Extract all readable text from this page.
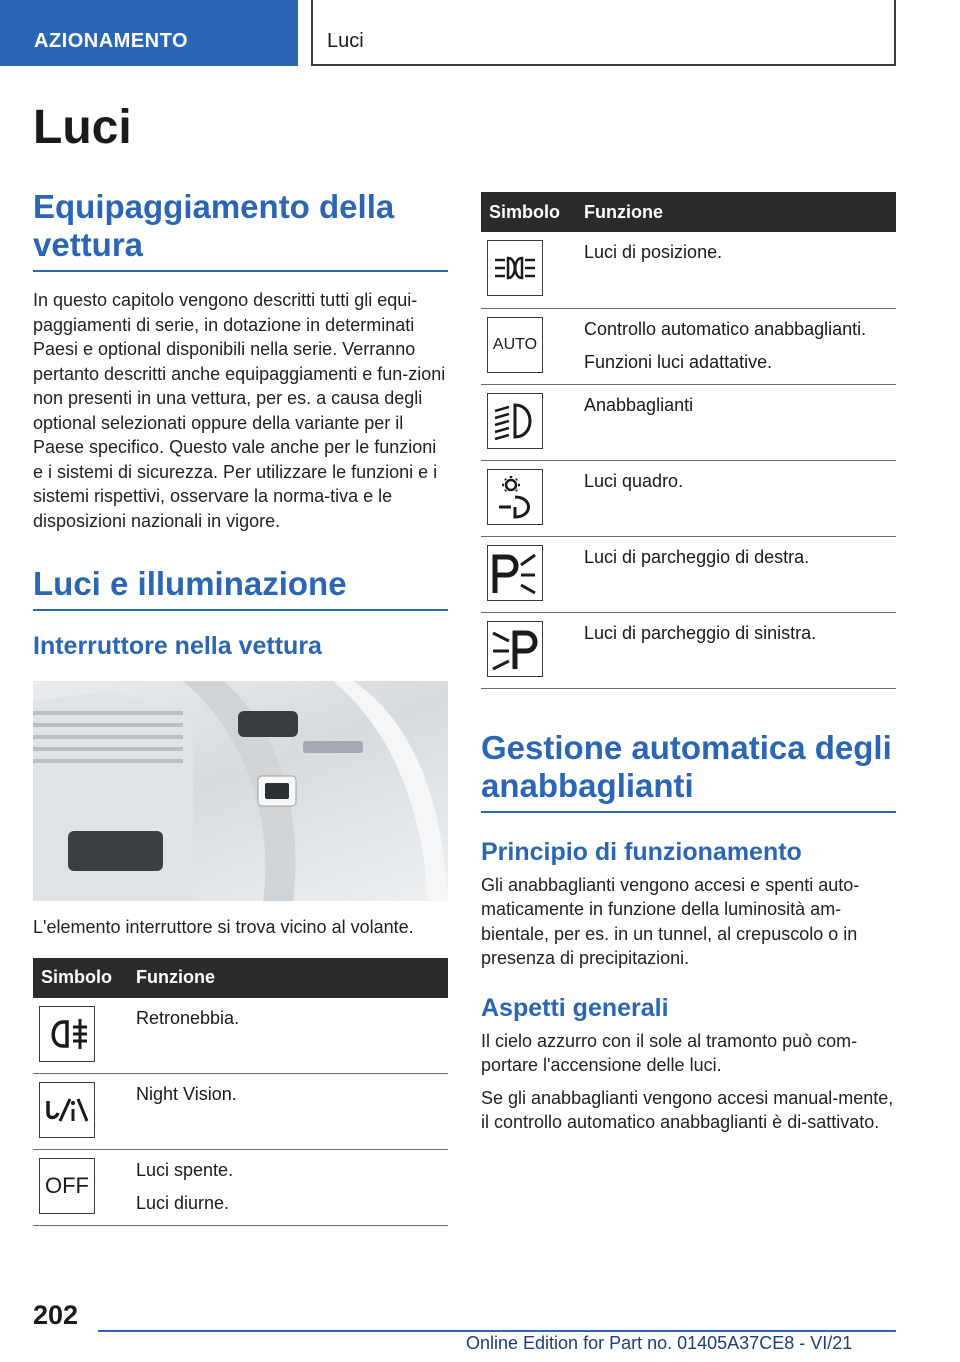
AZIONAMENTO	Luci
Luci
Equipaggiamento della vettura

In questo capitolo vengono descritti tutti gli equi-paggiamenti di serie, in dotazione in determinati Paesi e optional disponibili nella serie. Verranno pertanto descritti anche equipaggiamenti e fun-zioni non presenti in una vettura, per es. a causa degli optional selezionati oppure della variante per il Paese specifico. Questo vale anche per le funzioni e i sistemi di sicurezza. Per utilizzare le funzioni e i sistemi rispettivi, osservare la norma-tiva e le disposizioni nazionali in vigore.

Luci e illuminazione
Interruttore nella vettura

L'elemento interruttore si trova vicino al volante.

Simbolo	Funzione

	Retronebbia.

	Night Vision.

OFF	Luci spente.
Luci diurne.
Simbolo	Funzione

	Luci di posizione.

AUTO	Controllo automatico anabbaglianti.
Funzioni luci adattative.

	Anabbaglianti

	Luci quadro.

	Luci di parcheggio di destra.

	Luci di parcheggio di sinistra.
Gestione automatica degli anabbaglianti
Principio di funzionamento

Gli anabbaglianti vengono accesi e spenti auto-maticamente in funzione della luminosità am-bientale, per es. in un tunnel, al crepuscolo o in presenza di precipitazioni.

Aspetti generali

Il cielo azzurro con il sole al tramonto può com-portare l'accensione delle luci.

Se gli anabbaglianti vengono accesi manual-mente, il controllo automatico anabbaglianti è di-sattivato.

202
Online Edition for Part no. 01405A37CE8 - VI/21
